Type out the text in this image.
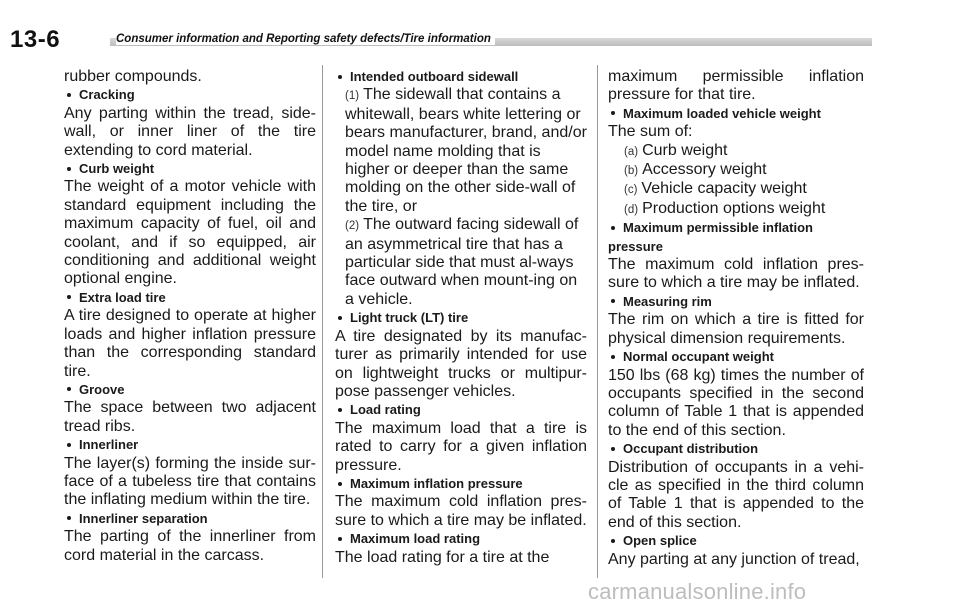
13-6	Consumer information and Reporting safety defects/Tire information
rubber compounds.
Cracking
Any parting within the tread, side-wall, or inner liner of the tire extending to cord material.
Curb weight
The weight of a motor vehicle with standard equipment including the maximum capacity of fuel, oil and coolant, and if so equipped, air conditioning and additional weight optional engine.
Extra load tire
A tire designed to operate at higher loads and higher inflation pressure than the corresponding standard tire.
Groove
The space between two adjacent tread ribs.
Innerliner
The layer(s) forming the inside sur-face of a tubeless tire that contains the inflating medium within the tire.
Innerliner separation
The parting of the innerliner from cord material in the carcass.
Intended outboard sidewall
(1) The sidewall that contains a whitewall, bears white lettering or bears manufacturer, brand, and/or model name molding that is higher or deeper than the same molding on the other side-wall of the tire, or
(2) The outward facing sidewall of an asymmetrical tire that has a particular side that must al-ways face outward when mount-ing on a vehicle.
Light truck (LT) tire
A tire designated by its manufac-turer as primarily intended for use on lightweight trucks or multipur-pose passenger vehicles.
Load rating
The maximum load that a tire is rated to carry for a given inflation pressure.
Maximum inflation pressure
The maximum cold inflation pres-sure to which a tire may be inflated.
Maximum load rating
The load rating for a tire at the
maximum permissible inflation pressure for that tire.
Maximum loaded vehicle weight
The sum of:
(a) Curb weight
(b) Accessory weight
(c) Vehicle capacity weight
(d) Production options weight
Maximum permissible inflation pressure
The maximum cold inflation pres-sure to which a tire may be inflated.
Measuring rim
The rim on which a tire is fitted for physical dimension requirements.
Normal occupant weight
150 lbs (68 kg) times the number of occupants specified in the second column of Table 1 that is appended to the end of this section.
Occupant distribution
Distribution of occupants in a vehi-cle as specified in the third column of Table 1 that is appended to the end of this section.
Open splice
Any parting at any junction of tread,
carmanualsonline.info
